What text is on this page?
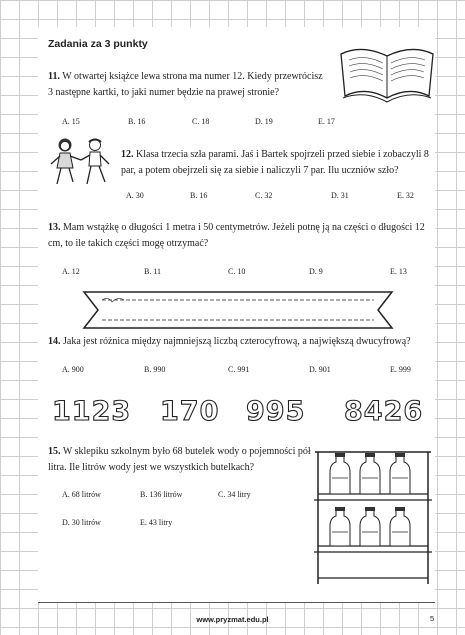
Zadania za 3 punkty
11. W otwartej książce lewa strona ma numer 12. Kiedy przewrócisz 3 następne kartki, to jaki numer będzie na prawej stronie?
A. 15	B. 16	C. 18	D. 19	E. 17
12. Klasa trzecia szła parami. Jaś i Bartek spojrzeli przed siebie i zobaczyli 8 par, a potem obejrzeli się za siebie i naliczyli 7 par. Ilu uczniów szło?
A. 30	B. 16	C. 32	D. 31	E. 32
13. Mam wstążkę o długości 1 metra i 50 centymetrów. Jeżeli potnę ją na części o długości 12 cm, to ile takich części mogę otrzymać?
A. 12	B. 11	C. 10	D. 9	E. 13
14. Jaka jest różnica między najmniejszą liczbą czterocyfrową, a największą dwucyfrową?
A. 900	B. 990	C. 991	D. 901	E. 999
1123 170 995 8426
15. W sklepiku szkolnym było 68 butelek wody o pojemności pół litra. Ile litrów wody jest we wszystkich butelkach?
A. 68 litrów	B. 136 litrów	C. 34 litry
D. 30 litrów	E. 43 litry
www.pryzmat.edu.pl	5
